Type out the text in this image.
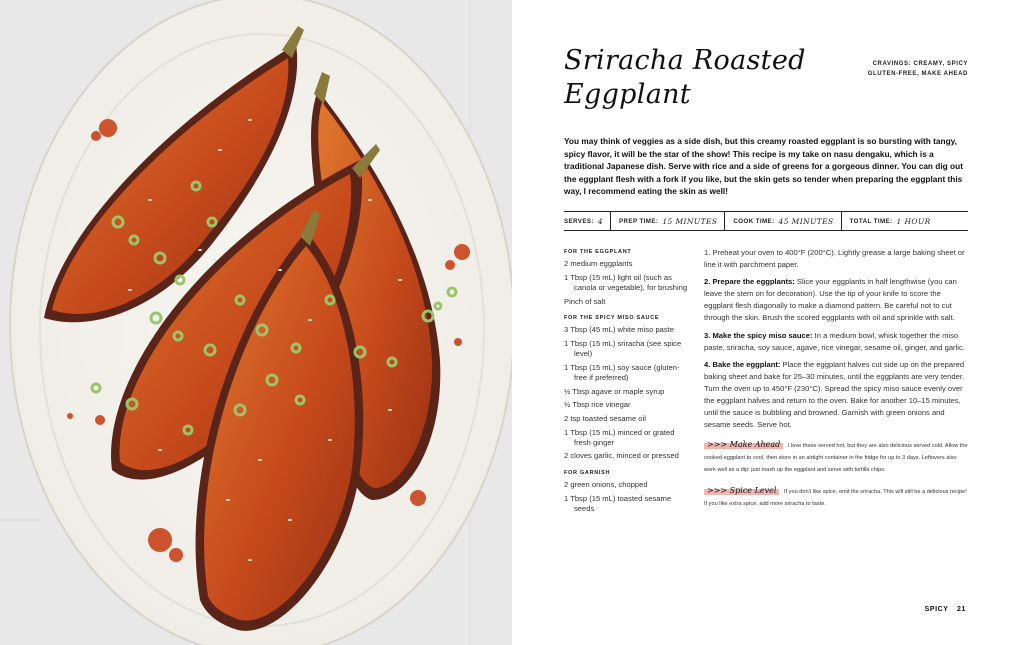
Sriracha Roasted
Eggplant
CRAVINGS: CREAMY, SPICY
GLUTEN-FREE, MAKE AHEAD
You may think of veggies as a side dish, but this creamy roasted eggplant is so bursting with tangy, spicy flavor, it will be the star of the show! This recipe is my take on nasu dengaku, which is a traditional Japanese dish. Serve with rice and a side of greens for a gorgeous dinner. You can dig out the eggplant flesh with a fork if you like, but the skin gets so tender when preparing the eggplant this way, I recommend eating the skin as well!
SERVES: 4	PREP TIME: 15 MINUTES	COOK TIME: 45 MINUTES	TOTAL TIME: 1 HOUR
FOR THE EGGPLANT
2 medium eggplants
1 Tbsp (15 mL) light oil (such as canola or vegetable), for brushing
Pinch of salt
FOR THE SPICY MISO SAUCE
3 Tbsp (45 mL) white miso paste
1 Tbsp (15 mL) sriracha (see spice level)
1 Tbsp (15 mL) soy sauce (gluten-free if preferred)
½ Tbsp agave or maple syrup
½ Tbsp rice vinegar
2 tsp toasted sesame oil
1 Tbsp (15 mL) minced or grated fresh ginger
2 cloves garlic, minced or pressed
FOR GARNISH
2 green onions, chopped
1 Tbsp (15 mL) toasted sesame seeds
1. Preheat your oven to 400°F (200°C). Lightly grease a large baking sheet or line it with parchment paper.
2. Prepare the eggplants: Slice your eggplants in half lengthwise (you can leave the stem on for decoration). Use the tip of your knife to score the eggplant flesh diagonally to make a diamond pattern. Be careful not to cut through the skin. Brush the scored eggplants with oil and sprinkle with salt.
3. Make the spicy miso sauce: In a medium bowl, whisk together the miso paste, sriracha, soy sauce, agave, rice vinegar, sesame oil, ginger, and garlic.
4. Bake the eggplant: Place the eggplant halves cut side up on the prepared baking sheet and bake for 25–30 minutes, until the eggplants are very tender. Turn the oven up to 450°F (230°C). Spread the spicy miso sauce evenly over the eggplant halves and return to the oven. Bake for another 10–15 minutes, until the sauce is bubbling and browned. Garnish with green onions and sesame seeds. Serve hot.
>>> Make Ahead I love these served hot, but they are also delicious served cold. Allow the cooked eggplant to cool, then store in an airtight container in the fridge for up to 3 days. Leftovers also work well as a dip: just mash up the eggplant and serve with tortilla chips.
>>> Spice Level If you don't like spice, omit the sriracha. This will still be a delicious recipe! If you like extra spice, add more sriracha to taste.
SPICY 21
